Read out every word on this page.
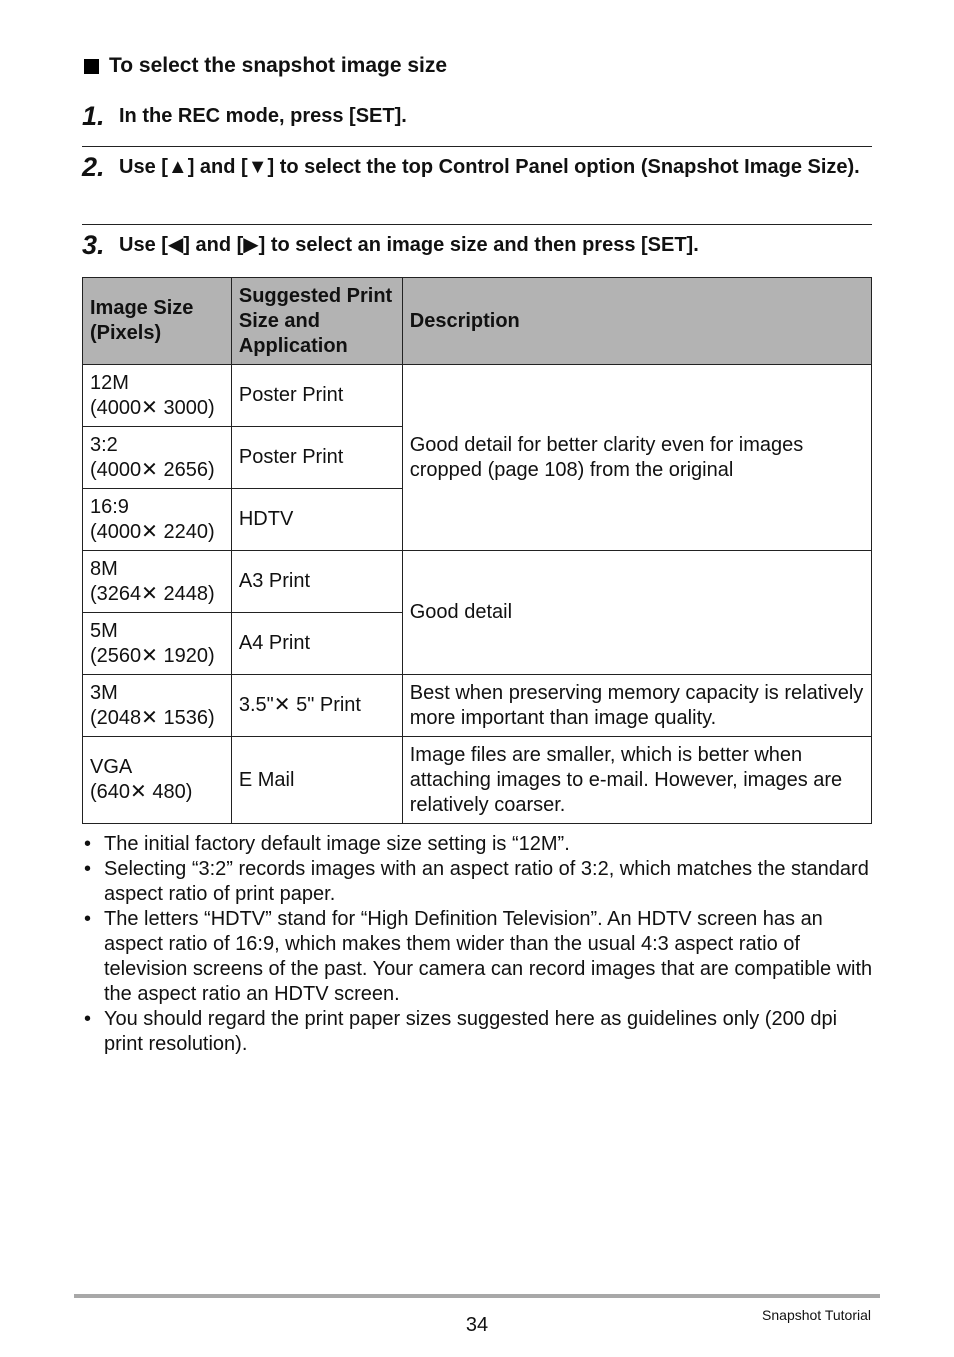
To select the snapshot image size
1. In the REC mode, press [SET].
2. Use [▲] and [▼] to select the top Control Panel option (Snapshot Image Size).
3. Use [◀] and [▶] to select an image size and then press [SET].
Image Size (Pixels)	Suggested Print Size and Application	Description
12M
(4000✕ 3000)	Poster Print	Good detail for better clarity even for images cropped (page 108) from the original
3:2
(4000✕ 2656)	Poster Print	
16:9
(4000✕ 2240)	HDTV	
8M
(3264✕ 2448)	A3 Print	Good detail
5M
(2560✕ 1920)	A4 Print	
3M
(2048✕ 1536)	3.5"✕ 5" Print	Best when preserving memory capacity is relatively more important than image quality.
VGA
(640✕ 480)	E Mail	Image files are smaller, which is better when attaching images to e-mail. However, images are relatively coarser.
• The initial factory default image size setting is “12M”.
• Selecting “3:2” records images with an aspect ratio of 3:2, which matches the standard aspect ratio of print paper.
• The letters “HDTV” stand for “High Definition Television”. An HDTV screen has an aspect ratio of 16:9, which makes them wider than the usual 4:3 aspect ratio of television screens of the past. Your camera can record images that are compatible with the aspect ratio an HDTV screen.
• You should regard the print paper sizes suggested here as guidelines only (200 dpi print resolution).
34	Snapshot Tutorial
